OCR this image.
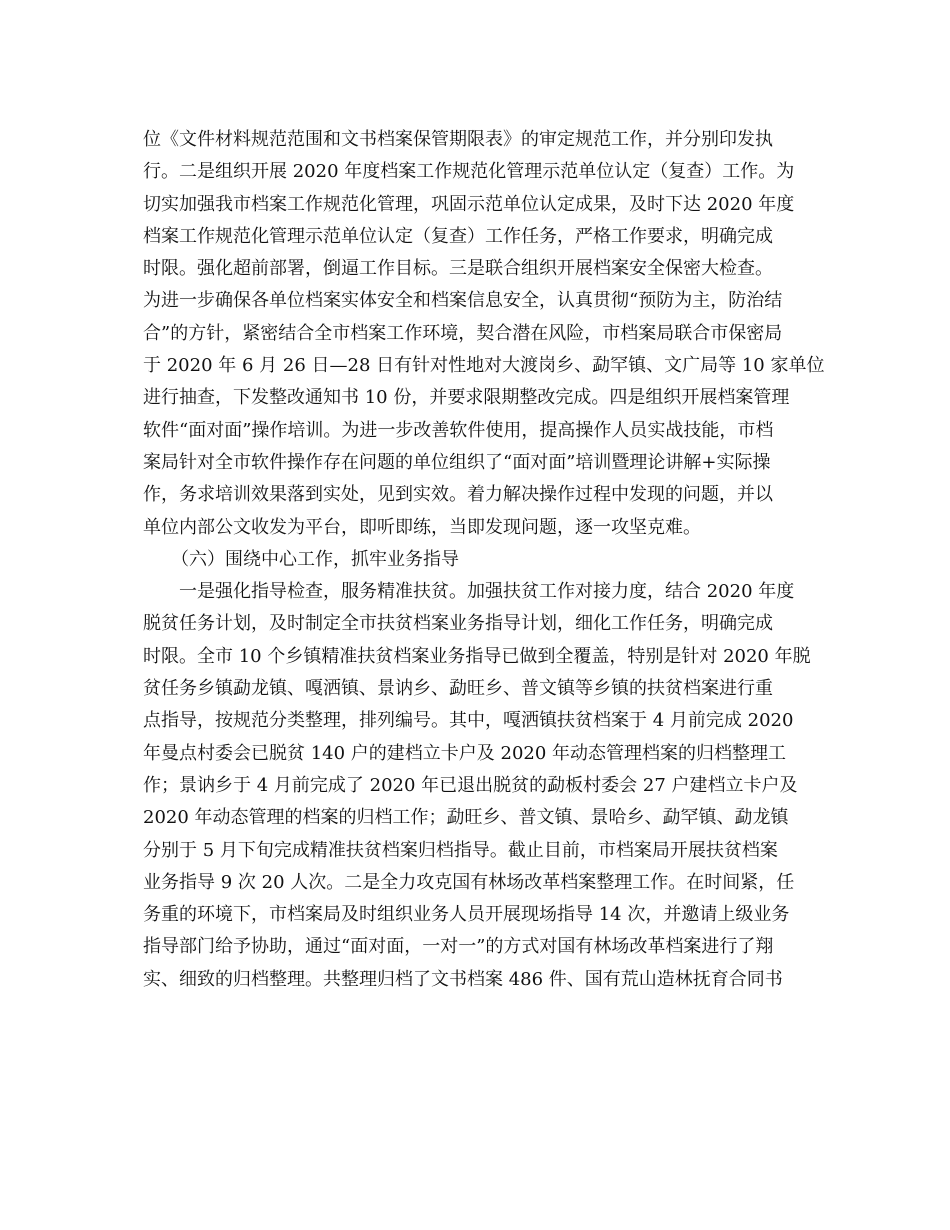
位《文件材料规范范围和文书档案保管期限表》的审定规范工作，并分别印发执
行。二是组织开展 2020 年度档案工作规范化管理示范单位认定（复查）工作。为
切实加强我市档案工作规范化管理，巩固示范单位认定成果，及时下达 2020 年度
档案工作规范化管理示范单位认定（复查）工作任务，严格工作要求，明确完成
时限。强化超前部署，倒逼工作目标。三是联合组织开展档案安全保密大检查。
为进一步确保各单位档案实体安全和档案信息安全，认真贯彻“预防为主，防治结
合”的方针，紧密结合全市档案工作环境，契合潜在风险，市档案局联合市保密局
于 2020 年 6 月 26 日—28 日有针对性地对大渡岗乡、勐罕镇、文广局等 10 家单位
进行抽查，下发整改通知书 10 份，并要求限期整改完成。四是组织开展档案管理
软件“面对面”操作培训。为进一步改善软件使用，提高操作人员实战技能，市档
案局针对全市软件操作存在问题的单位组织了“面对面”培训暨理论讲解+实际操
作，务求培训效果落到实处，见到实效。着力解决操作过程中发现的问题，并以
单位内部公文收发为平台，即听即练，当即发现问题，逐一攻坚克难。
（六）围绕中心工作，抓牢业务指导
一是强化指导检查，服务精准扶贫。加强扶贫工作对接力度，结合 2020 年度
脱贫任务计划，及时制定全市扶贫档案业务指导计划，细化工作任务，明确完成
时限。全市 10 个乡镇精准扶贫档案业务指导已做到全覆盖，特别是针对 2020 年脱
贫任务乡镇勐龙镇、嘎洒镇、景讷乡、勐旺乡、普文镇等乡镇的扶贫档案进行重
点指导，按规范分类整理，排列编号。其中，嘎洒镇扶贫档案于 4 月前完成 2020
年曼点村委会已脱贫 140 户的建档立卡户及 2020 年动态管理档案的归档整理工
作；景讷乡于 4 月前完成了 2020 年已退出脱贫的勐板村委会 27 户建档立卡户及
2020 年动态管理的档案的归档工作；勐旺乡、普文镇、景哈乡、勐罕镇、勐龙镇
分别于 5 月下旬完成精准扶贫档案归档指导。截止目前，市档案局开展扶贫档案
业务指导 9 次 20 人次。二是全力攻克国有林场改革档案整理工作。在时间紧，任
务重的环境下，市档案局及时组织业务人员开展现场指导 14 次，并邀请上级业务
指导部门给予协助，通过“面对面，一对一”的方式对国有林场改革档案进行了翔
实、细致的归档整理。共整理归档了文书档案 486 件、国有荒山造林抚育合同书
